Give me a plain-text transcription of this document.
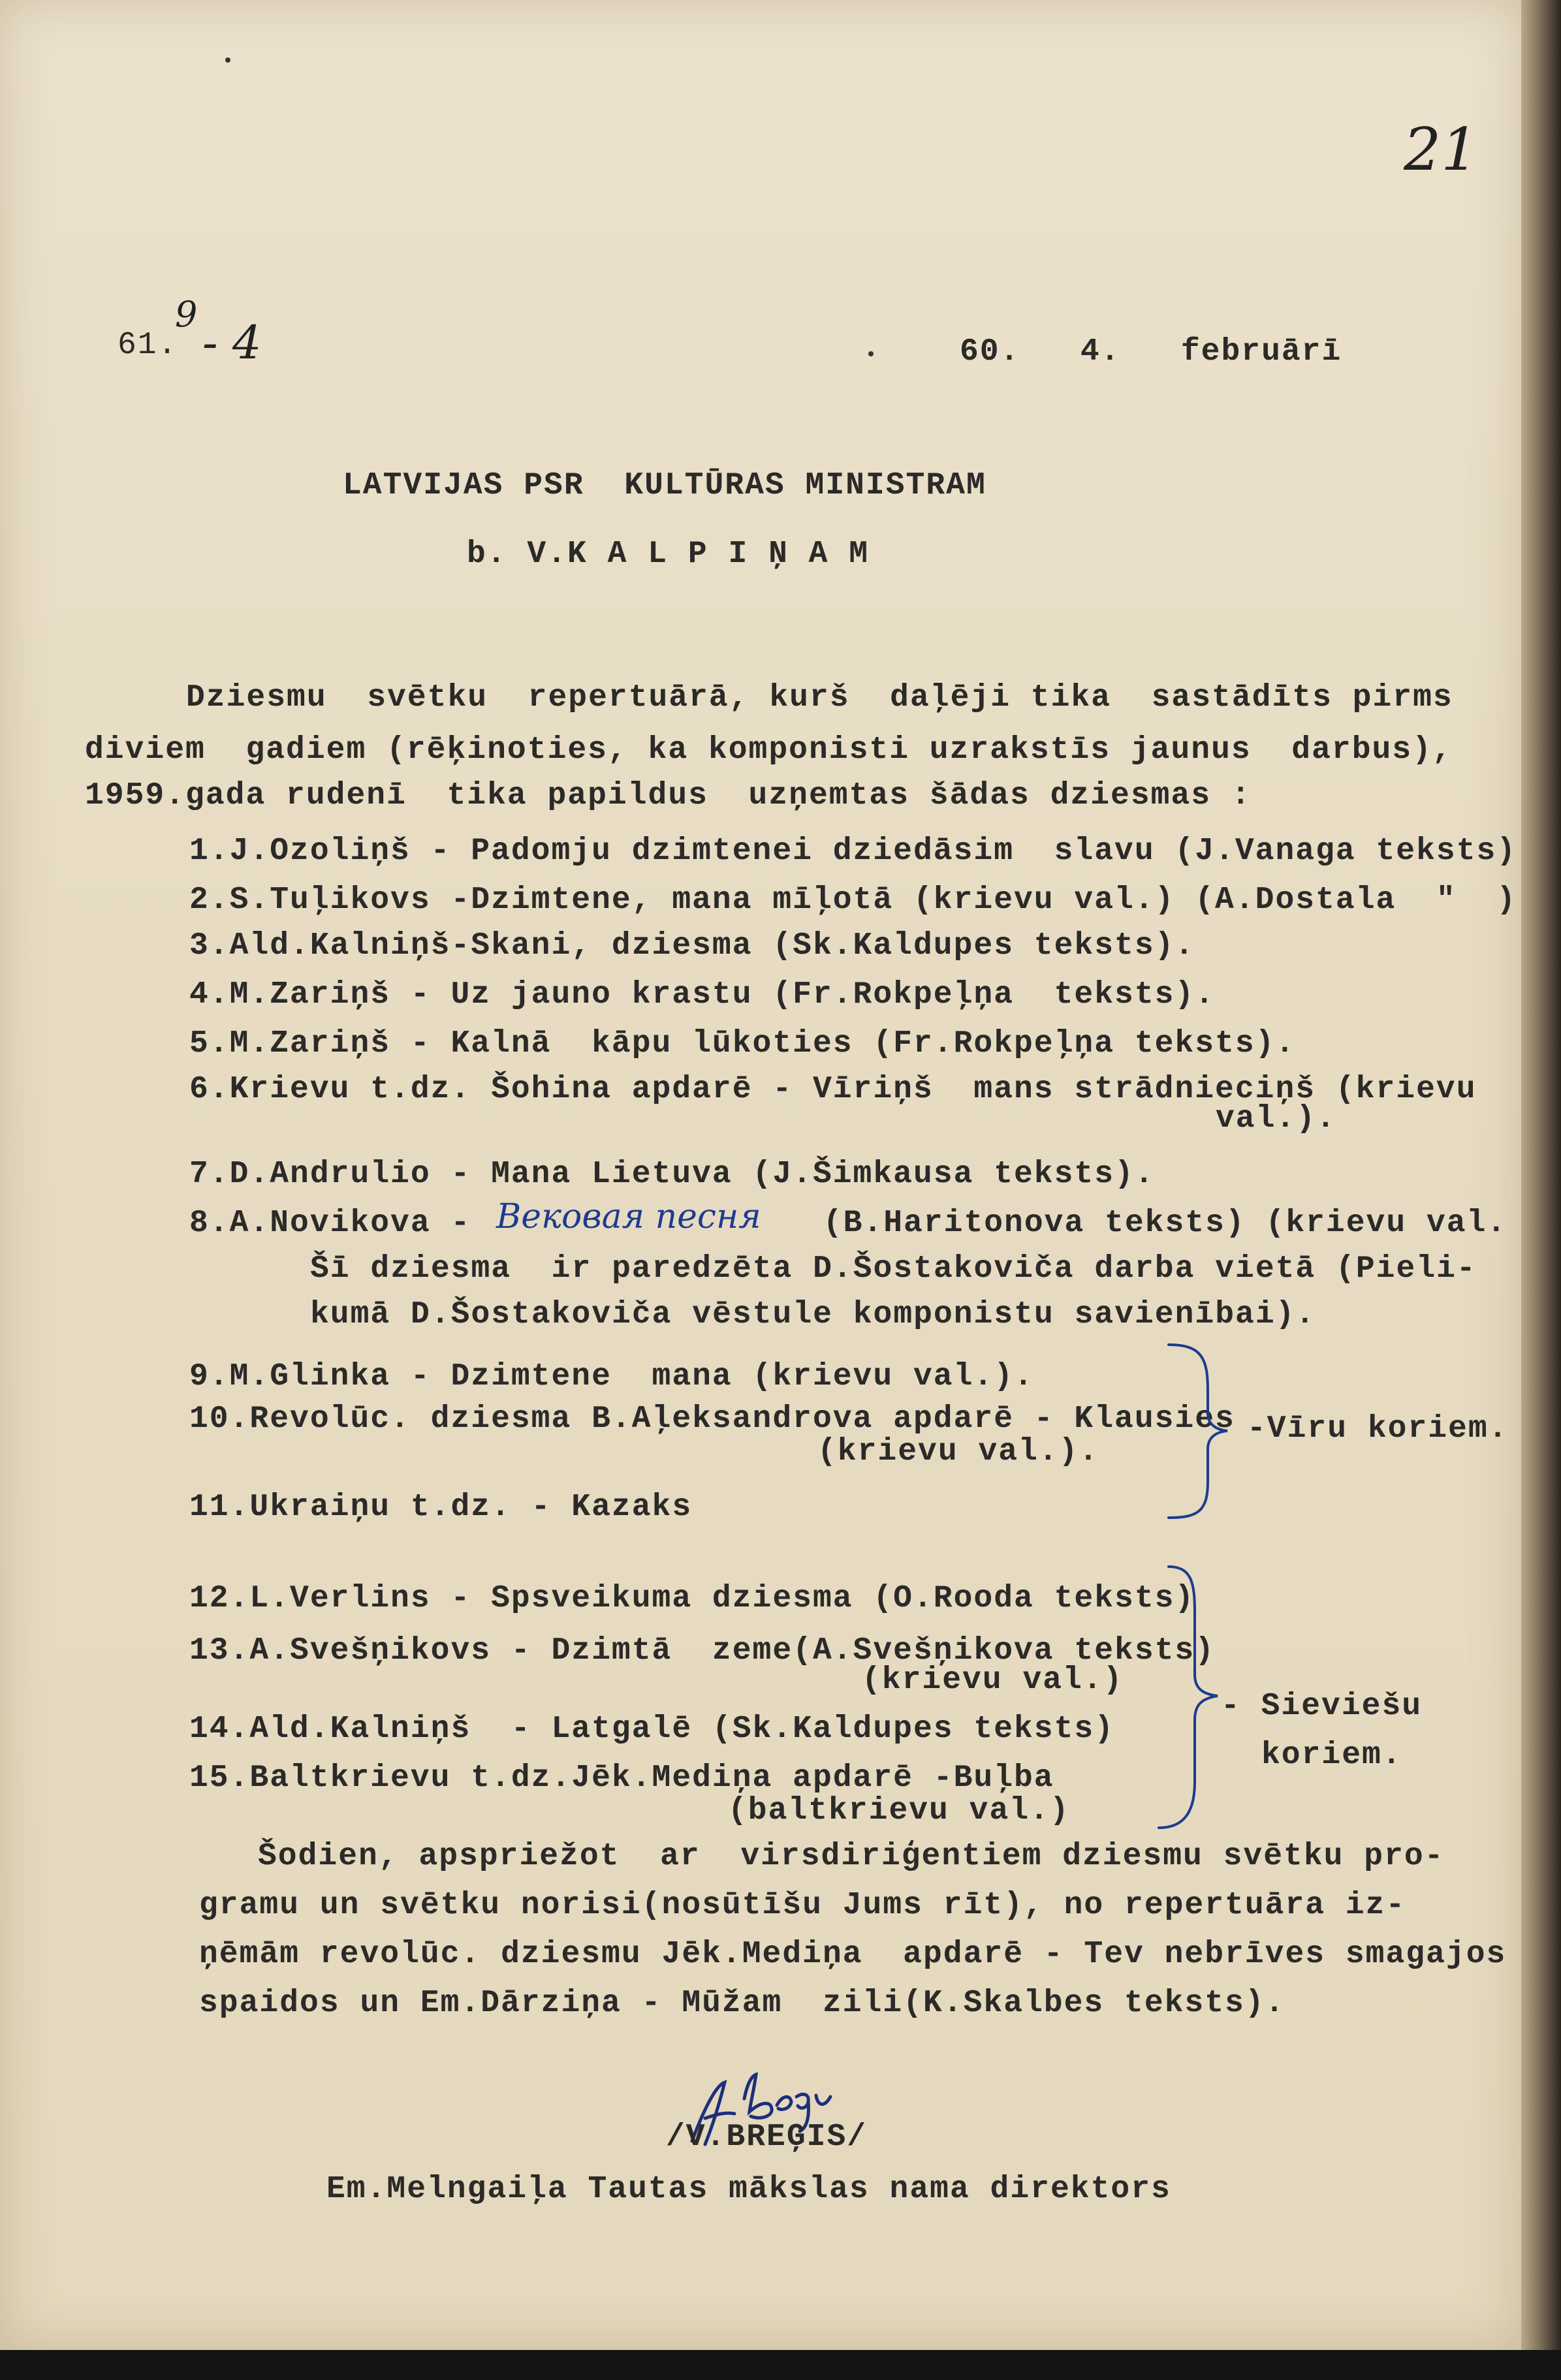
21
61.
9
- 4	60.   4.   februārī
LATVIJAS PSR  KULTŪRAS MINISTRAM
b. V.K A L P I Ņ A M
Dziesmu  svētku  repertuārā, kurš  daļēji tika  sastādīts pirms
diviem  gadiem (rēķinoties, ka komponisti uzrakstīs jaunus  darbus),
1959.gada rudenī  tika papildus  uzņemtas šādas dziesmas :
1.J.Ozoliņš - Padomju dzimtenei dziedāsim  slavu (J.Vanaga teksts)
2.S.Tuļikovs -Dzimtene, mana mīļotā (krievu val.) (A.Dostala  "  )
3.Ald.Kalniņš-Skani, dziesma (Sk.Kaldupes teksts).
4.M.Zariņš - Uz jauno krastu (Fr.Rokpeļņa  teksts).
5.M.Zariņš - Kalnā  kāpu lūkoties (Fr.Rokpeļņa teksts).
6.Krievu t.dz. Šohina apdarē - Vīriņš  mans strādnieciņš (krievu
val.).
7.D.Andrulio - Mana Lietuva (J.Šimkausa teksts).
8.A.Novikova - Вековая песня (B.Haritonova teksts) (krievu val.
Šī dziesma  ir paredzēta D.Šostakoviča darba vietā (Pieli-
kumā D.Šostakoviča vēstule komponistu savienībai).
9.M.Glinka - Dzimtene  mana (krievu val.).
10.Revolūc. dziesma B.Aļeksandrova apdarē - Klausies
(krievu val.).
11.Ukraiņu t.dz. - Kazaks
12.L.Verlins - Spsveikuma dziesma (O.Rooda teksts)
13.A.Svešņikovs - Dzimtā  zeme(A.Svešņikova teksts)
(krievu val.)
14.Ald.Kalniņš  - Latgalē (Sk.Kaldupes teksts)
15.Baltkrievu t.dz.Jēk.Mediņa apdarē -Buļba
(baltkrievu val.)
-Vīru koriem.
- Sieviešu
koriem.
Šodien, apspriežot  ar  virsdiriģentiem dziesmu svētku pro-
gramu un svētku norisi(nosūtīšu Jums rīt), no repertuāra iz-
ņēmām revolūc. dziesmu Jēk.Mediņa  apdarē - Tev nebrīves smagajos
spaidos un Em.Dārziņa - Mūžam  zili(K.Skalbes teksts).
/V.BREĢIS/
Em.Melngaiļa Tautas mākslas nama direktors
